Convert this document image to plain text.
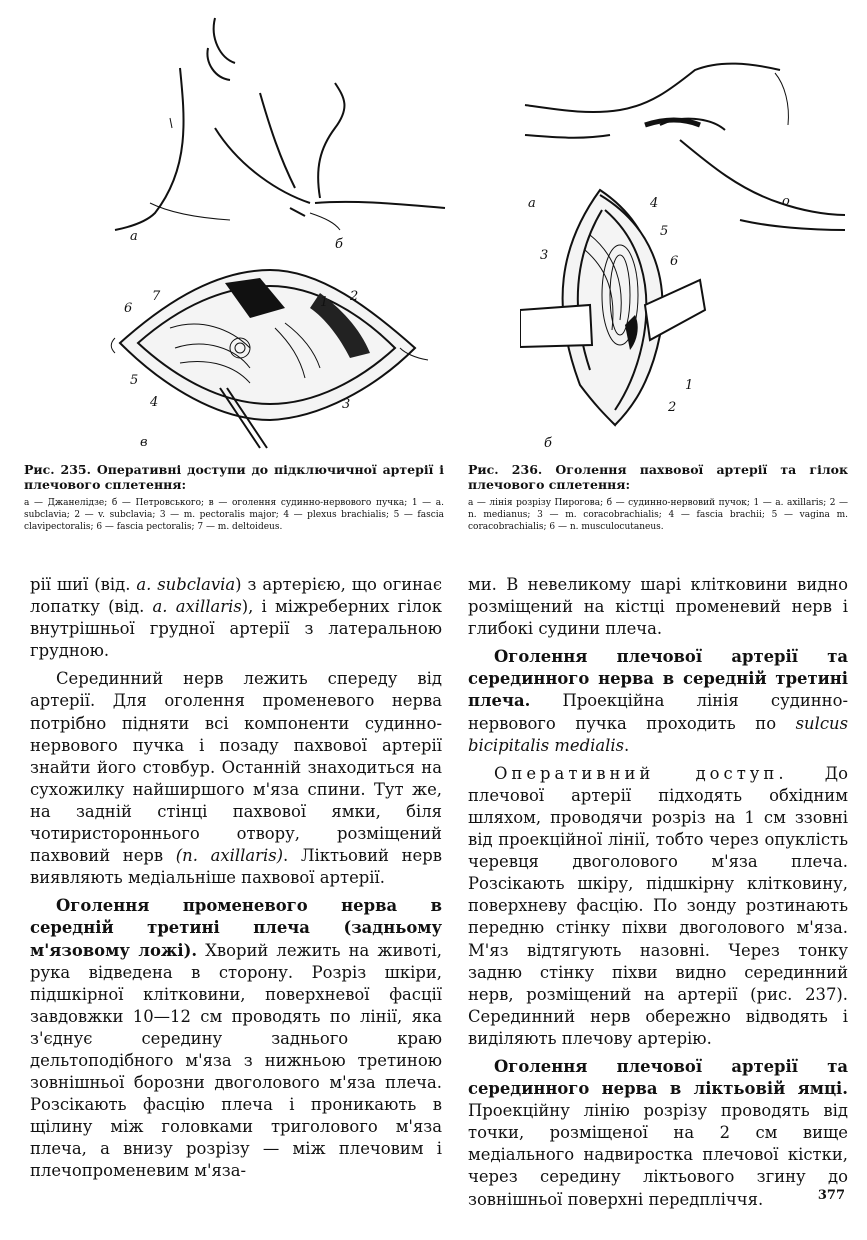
а
б
1 2
3
4
5
6
7
в
Рис. 235. Оперативні доступи до підключичної артерії і плечового сплетення:
а — Джанелідзе; б — Петровського; в — оголення судинно-нервового пучка; 1 — a. subclavia; 2 — v. subclavia; 3 — m. pectoralis major; 4 — plexus brachialis; 5 — fascia clavipectoralis; 6 — fascia pectoralis; 7 — m. deltoideus.
а	о
4
5
6
3
1
2
б
Рис. 236. Оголення пахвової артерії та гілок плечового сплетення:
а — лінія розрізу Пирогова; б — судинно-нервовий пучок; 1 — a. axillaris; 2 — n. medianus; 3 — m. coracobrachialis; 4 — fascia brachii; 5 — vagina m. coracobrachialis; 6 — n. musculocutaneus.

рії шиї (від. a. subclavia) з артерією, що огинає лопатку (від. a. axillaris), і міжреберних гілок внутрішньої грудної артерії з латеральною грудною.

Серединний нерв лежить спереду від артерії. Для оголення променевого нерва потрібно підняти всі компоненти судинно-нервового пучка і позаду пахвової артерії знайти його стовбур. Останній знаходиться на сухожилку найширшого м'яза спини. Тут же, на задній стінці пахвової ямки, біля чотиристороннього отвору, розміщений пахвовий нерв (n. axillaris). Ліктьовий нерв виявляють медіальніше пахвової артерії.

Оголення променевого нерва в середній третині плеча (задньому м'язовому ложі). Хворий лежить на животі, рука відведена в сторону. Розріз шкіри, підшкірної клітковини, поверхневої фасції завдовжки 10—12 см проводять по лінії, яка з'єднує середину заднього краю дельтоподібного м'яза з нижньою третиною зовнішньої борозни двоголового м'яза плеча. Розсікають фасцію плеча і проникають в щілину між головками триголового м'яза плеча, а внизу розрізу — між плечовим і плечопроменевим м'яза-

ми. В невеликому шарі клітковини видно розміщений на кістці променевий нерв і глибокі судини плеча.

Оголення плечової артерії та серединного нерва в середній третині плеча. Проекційна лінія судинно-нервового пучка проходить по sulcus bicipitalis medialis.

Оперативний доступ. До плечової артерії підходять обхідним шляхом, проводячи розріз на 1 см ззовні від проекційної лінії, тобто через опуклість черевця двоголового м'яза плеча. Розсікають шкіру, підшкірну клітковину, поверхневу фасцію. По зонду розтинають передню стінку піхви двоголового м'яза. М'яз відтягують назовні. Через тонку задню стінку піхви видно серединний нерв, розміщений на артерії (рис. 237). Серединний нерв обережно відводять і виділяють плечову артерію.

Оголення плечової артерії та серединного нерва в ліктьовій ямці. Проекційну лінію розрізу проводять від точки, розміщеної на 2 см вище медіального надвиростка плечової кістки, через середину ліктьового згину до зовнішньої поверхні передпліччя.	377
